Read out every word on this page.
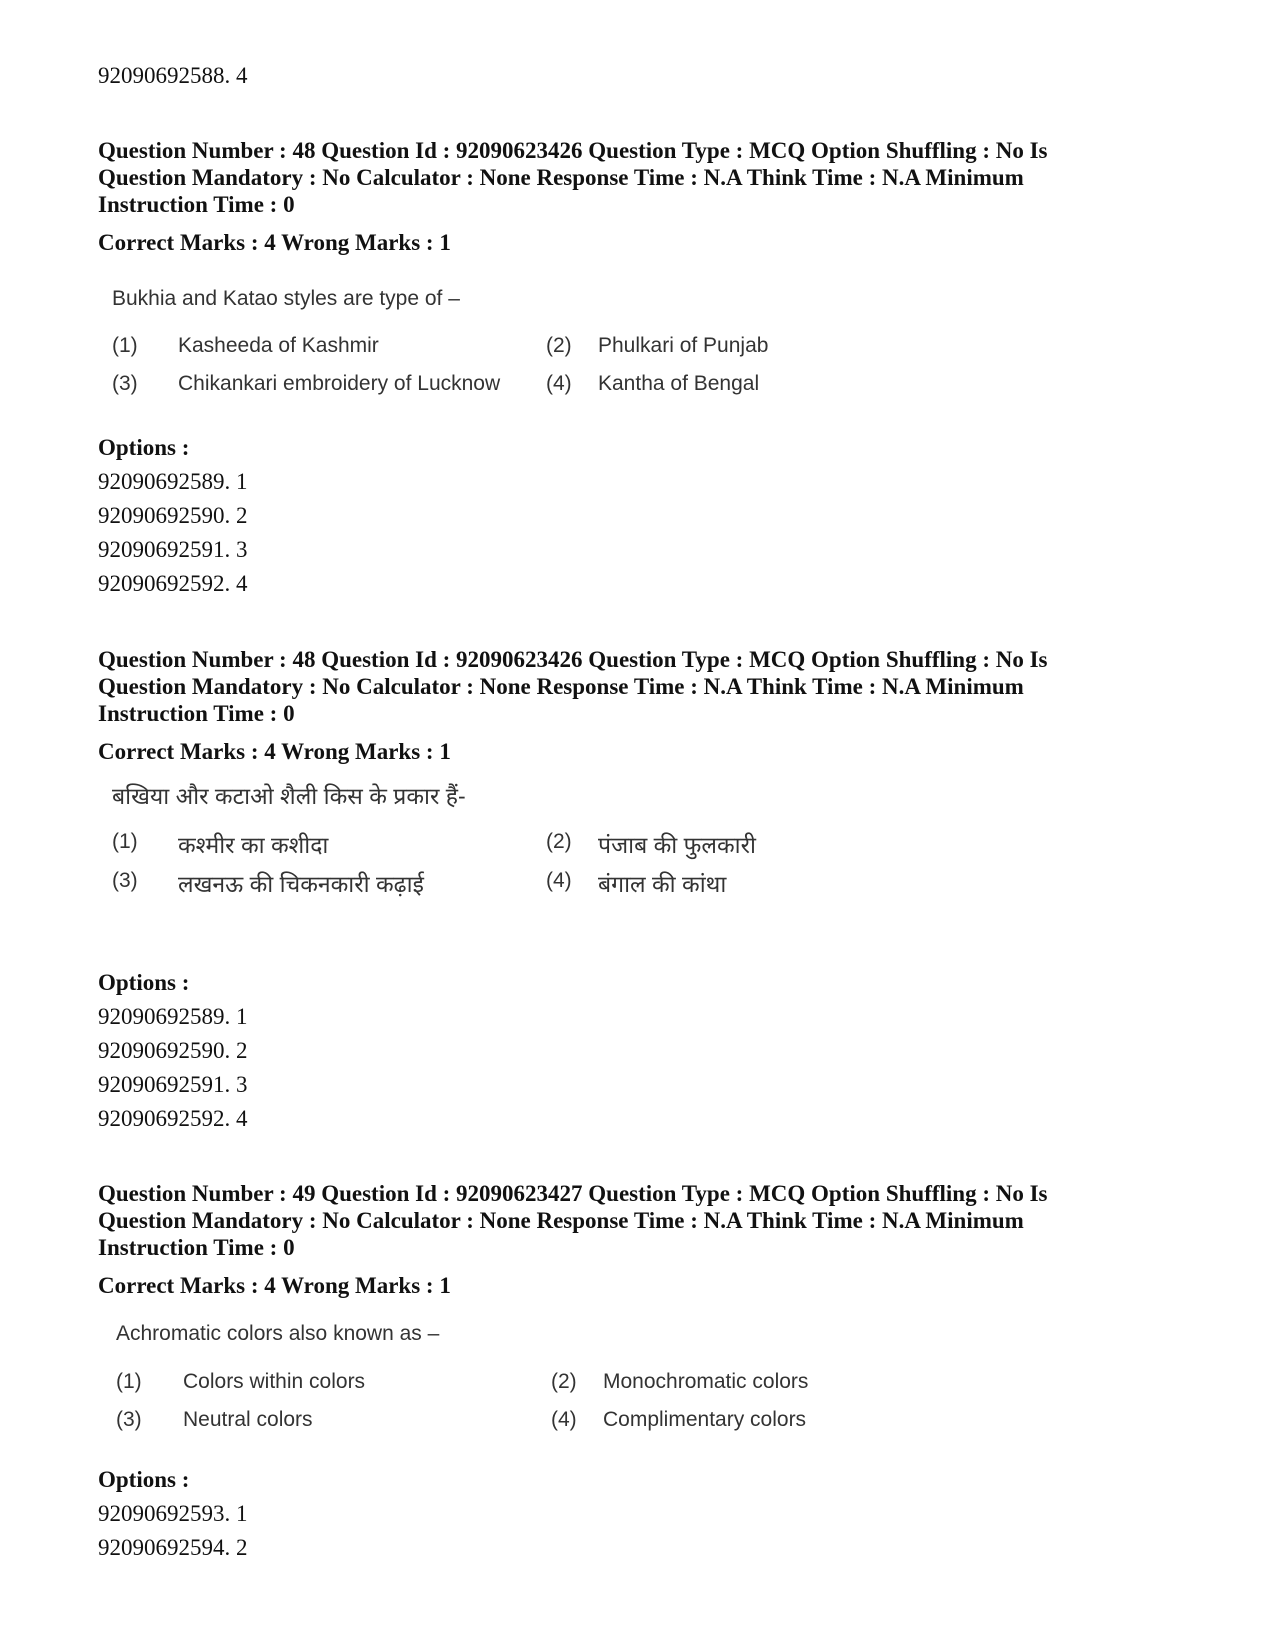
92090692588. 4
Question Number : 48 Question Id : 92090623426 Question Type : MCQ Option Shuffling : No Is
Question Mandatory : No Calculator : None Response Time : N.A Think Time : N.A Minimum
Instruction Time : 0
Correct Marks : 4 Wrong Marks : 1
Bukhia and Katao styles are type of –
(1) Kasheeda of Kashmir	(2) Phulkari of Punjab
(3) Chikankari embroidery of Lucknow (4) Kantha of Bengal
Options :
92090692589. 1
92090692590. 2
92090692591. 3
92090692592. 4
Question Number : 48 Question Id : 92090623426 Question Type : MCQ Option Shuffling : No Is
Question Mandatory : No Calculator : None Response Time : N.A Think Time : N.A Minimum
Instruction Time : 0
Correct Marks : 4 Wrong Marks : 1
बखिया और कटाओ शैली किस के प्रकार हैं-
(1) कश्मीर का कशीदा	(2) पंजाब की फुलकारी
(3) लखनऊ की चिकनकारी कढ़ाई	(4) बंगाल की कांथा
Options :
92090692589. 1
92090692590. 2
92090692591. 3
92090692592. 4
Question Number : 49 Question Id : 92090623427 Question Type : MCQ Option Shuffling : No Is
Question Mandatory : No Calculator : None Response Time : N.A Think Time : N.A Minimum
Instruction Time : 0
Correct Marks : 4 Wrong Marks : 1
Achromatic colors also known as –
(1) Colors within colors	(2) Monochromatic colors
(3) Neutral colors	(4) Complimentary colors
Options :
92090692593. 1
92090692594. 2
